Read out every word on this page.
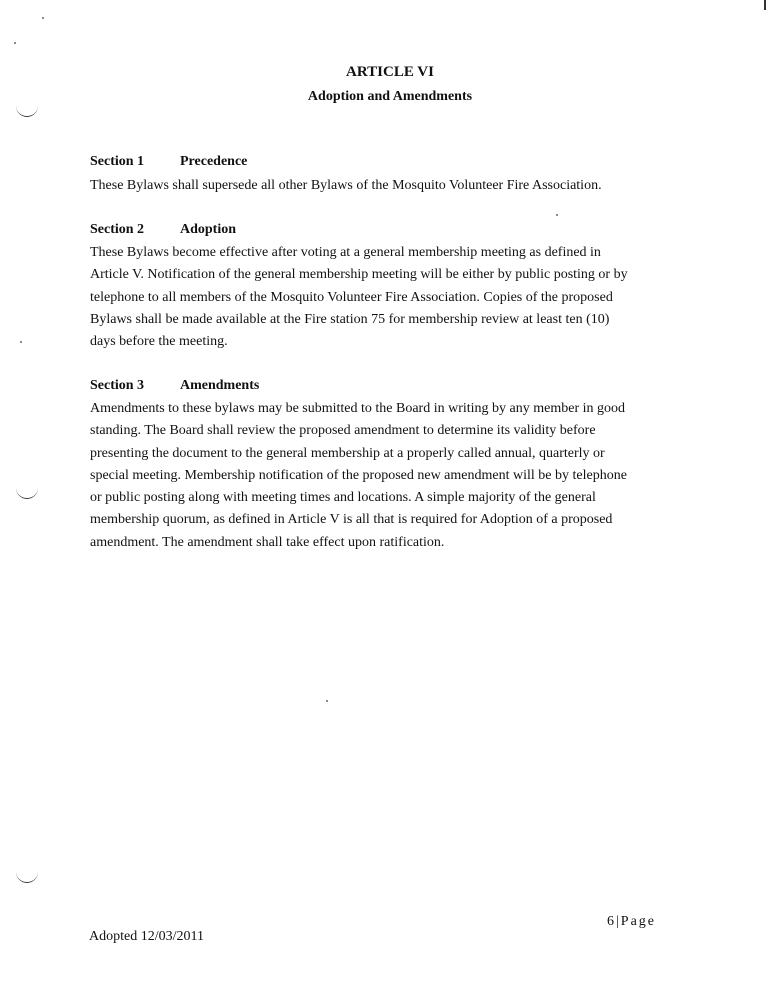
ARTICLE VI
Adoption and Amendments
Section 1	Precedence
These Bylaws shall supersede all other Bylaws of the Mosquito Volunteer Fire Association.
Section 2	Adoption
These Bylaws become effective after voting at a general membership meeting as defined in
Article V. Notification of the general membership meeting will be either by public posting or by
telephone to all members of the Mosquito Volunteer Fire Association. Copies of the proposed
Bylaws shall be made available at the Fire station 75 for membership review at least ten (10)
days before the meeting.
Section 3	Amendments
Amendments to these bylaws may be submitted to the Board in writing by any member in good
standing. The Board shall review the proposed amendment to determine its validity before
presenting the document to the general membership at a properly called annual, quarterly or
special meeting. Membership notification of the proposed new amendment will be by telephone
or public posting along with meeting times and locations. A simple majority of the general
membership quorum, as defined in Article V is all that is required for Adoption of a proposed
amendment. The amendment shall take effect upon ratification.
6|Page
Adopted 12/03/2011
